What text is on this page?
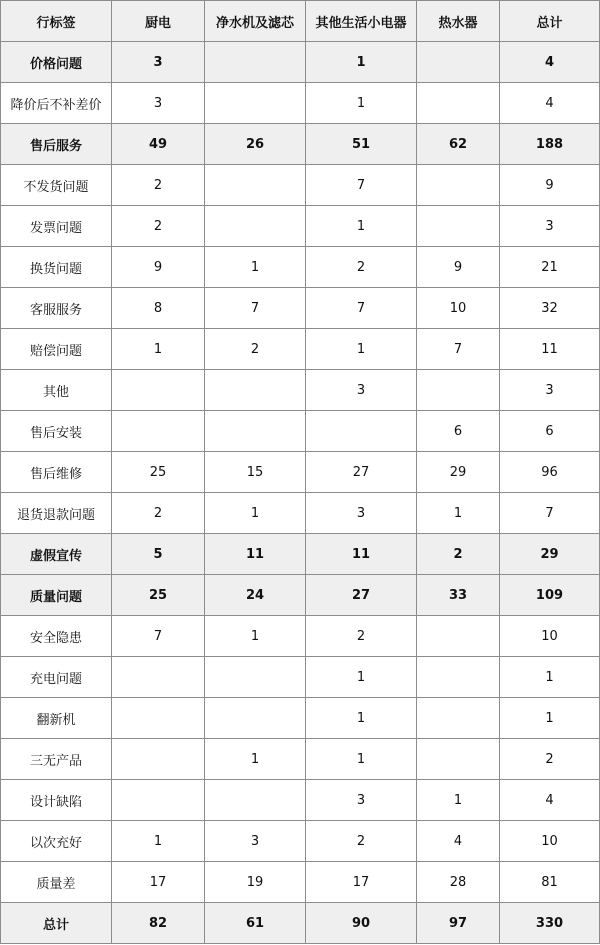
行标签	厨电	净水机及滤芯	其他生活小电器	热水器	总计
价格问题	3		1		4
降价后不补差价	3		1		4
售后服务	49	26	51	62	188
不发货问题	2		7		9
发票问题	2		1		3
换货问题	9	1	2	9	21
客服服务	8	7	7	10	32
赔偿问题	1	2	1	7	11
其他			3		3
售后安装				6	6
售后维修	25	15	27	29	96
退货退款问题	2	1	3	1	7
虚假宣传	5	11	11	2	29
质量问题	25	24	27	33	109
安全隐患	7	1	2		10
充电问题			1		1
翻新机			1		1
三无产品		1	1		2
设计缺陷			3	1	4
以次充好	1	3	2	4	10
质量差	17	19	17	28	81
总计	82	61	90	97	330
